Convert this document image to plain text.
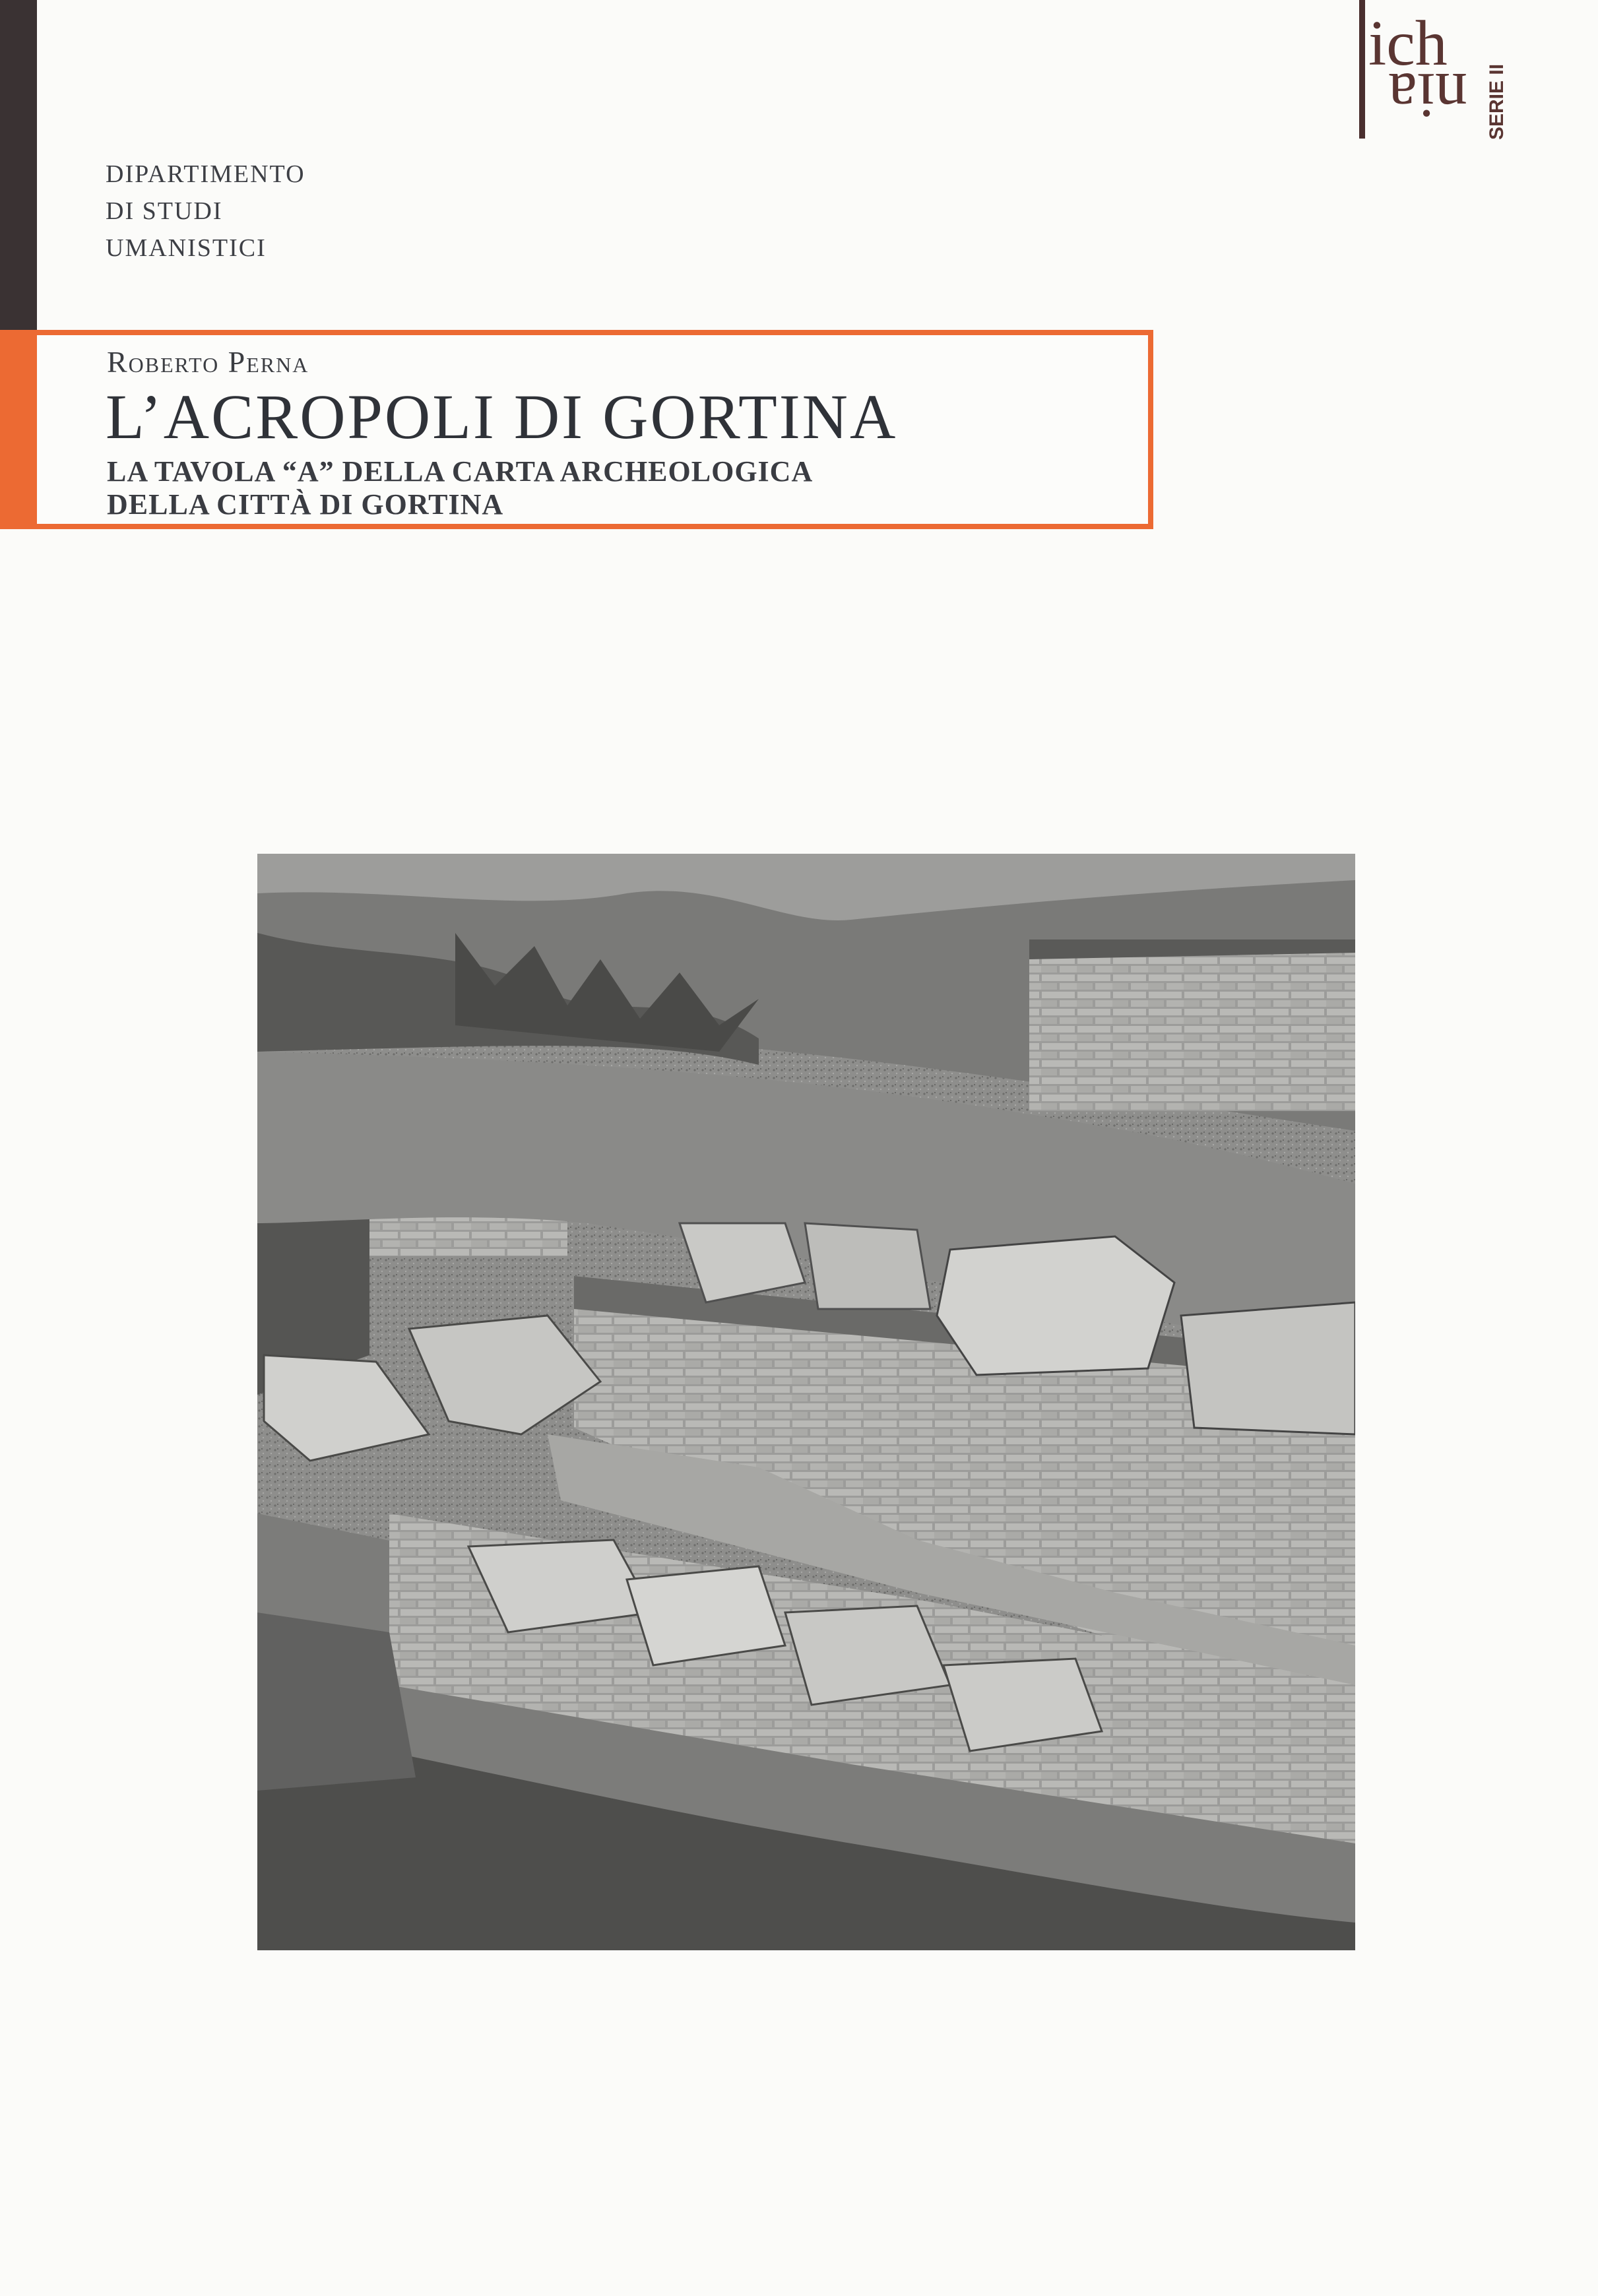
DIPARTIMENTO
DI STUDI
UMANISTICI
ich
nia SERIE II
Roberto Perna
L’ACROPOLI DI GORTINA
LA TAVOLA “A” DELLA CARTA ARCHEOLOGICA
DELLA CITTÀ DI GORTINA
